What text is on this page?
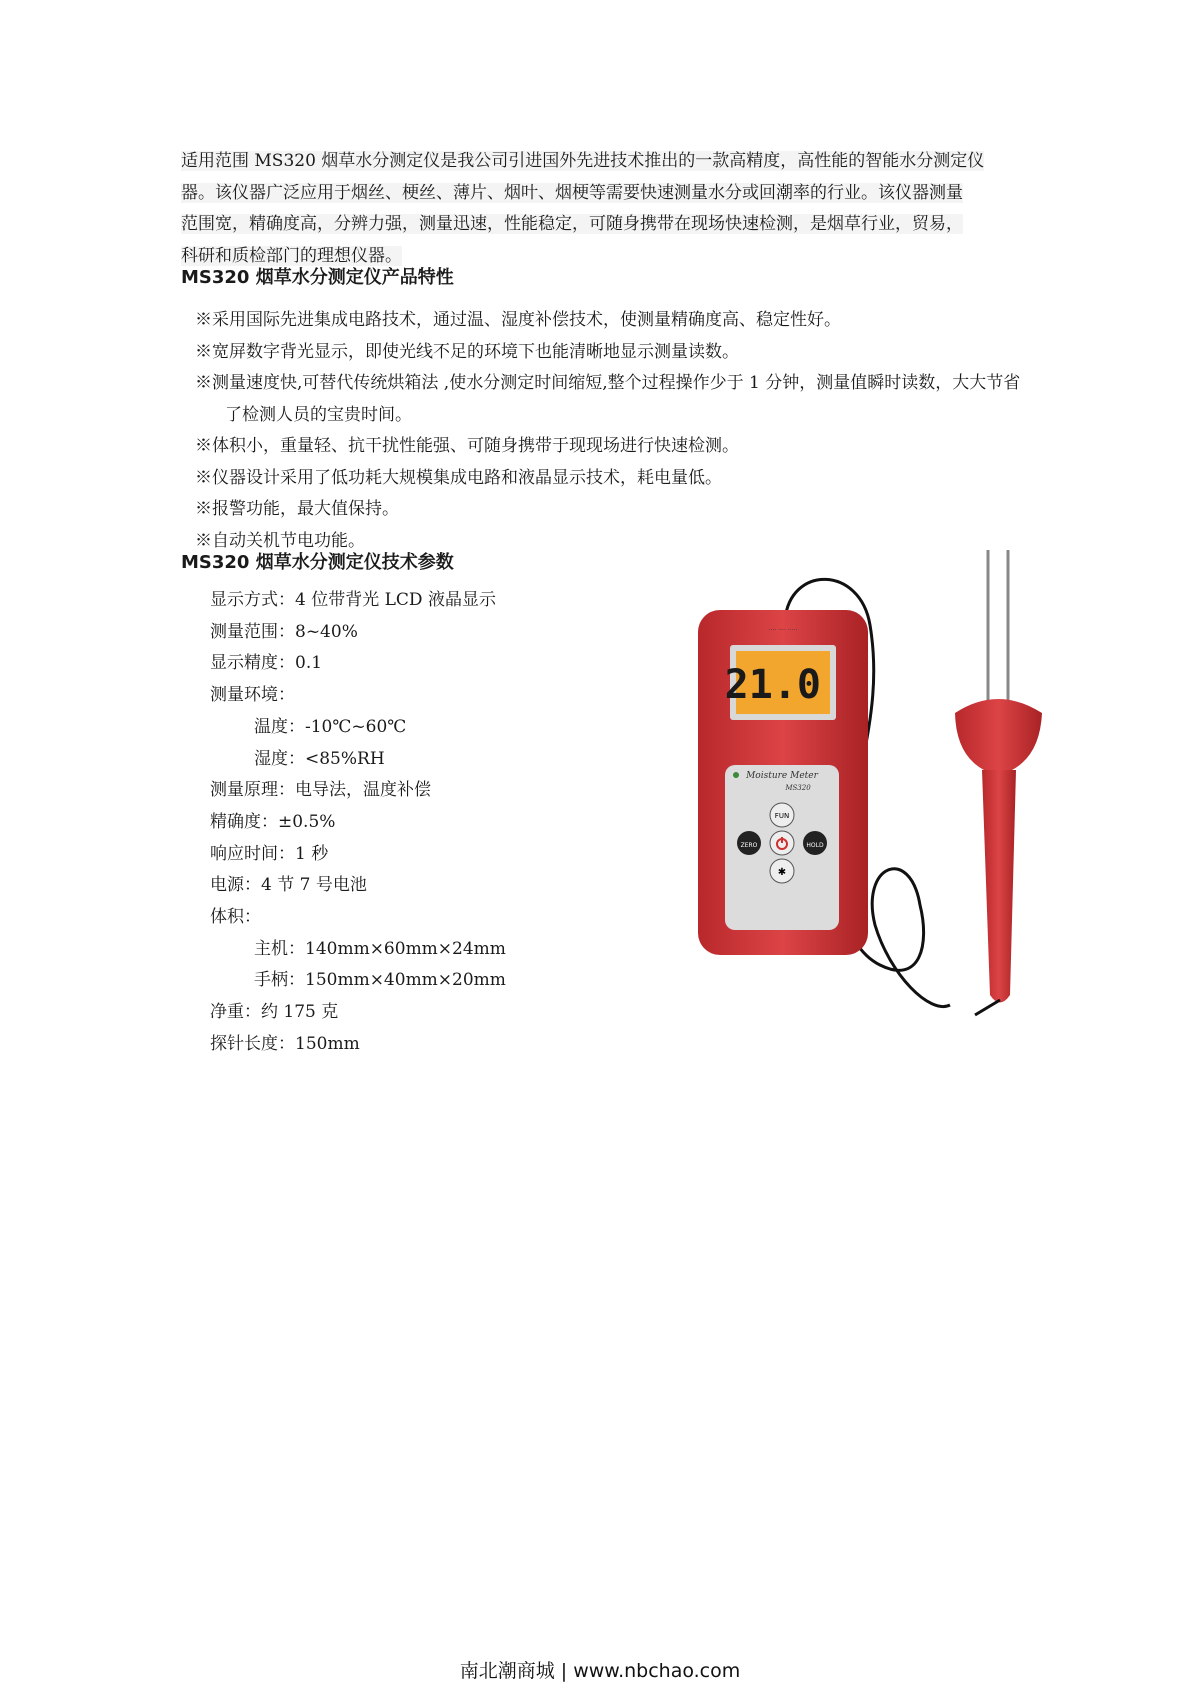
适用范围 MS320 烟草水分测定仪是我公司引进国外先进技术推出的一款高精度，高性能的智能水分测定仪
器。该仪器广泛应用于烟丝、梗丝、薄片、烟叶、烟梗等需要快速测量水分或回潮率的行业。该仪器测量
范围宽，精确度高，分辨力强，测量迅速，性能稳定，可随身携带在现场快速检测，是烟草行业，贸易，
科研和质检部门的理想仪器。

MS320 烟草水分测定仪产品特性
※采用国际先进集成电路技术，通过温、湿度补偿技术，使测量精确度高、稳定性好。
※宽屏数字背光显示，即使光线不足的环境下也能清晰地显示测量读数。
※测量速度快,可替代传统烘箱法 ,使水分测定时间缩短,整个过程操作少于 1 分钟，测量值瞬时读数，大大节省了检测人员的宝贵时间。
※体积小，重量轻、抗干扰性能强、可随身携带于现现场进行快速检测。
※仪器设计采用了低功耗大规模集成电路和液晶显示技术，耗电量低。
※报警功能，最大值保持。
※自动关机节电功能。
MS320 烟草水分测定仪技术参数
显示方式：4 位带背光 LCD 液晶显示
测量范围：8~40%
显示精度：0.1
测量环境：
温度：-10℃~60℃
湿度：<85%RH
测量原理：电导法，温度补偿
精确度：±0.5%
响应时间：1 秒
电源：4 节 7 号电池
体积：
主机：140mm×60mm×24mm
手柄：150mm×40mm×20mm
净重：约 175 克
探针长度：150mm
···· ···· ·····
21.0
Moisture Meter
MS320
FUN
ZERO	HOLD
✱
南北潮商城 | www.nbchao.com
